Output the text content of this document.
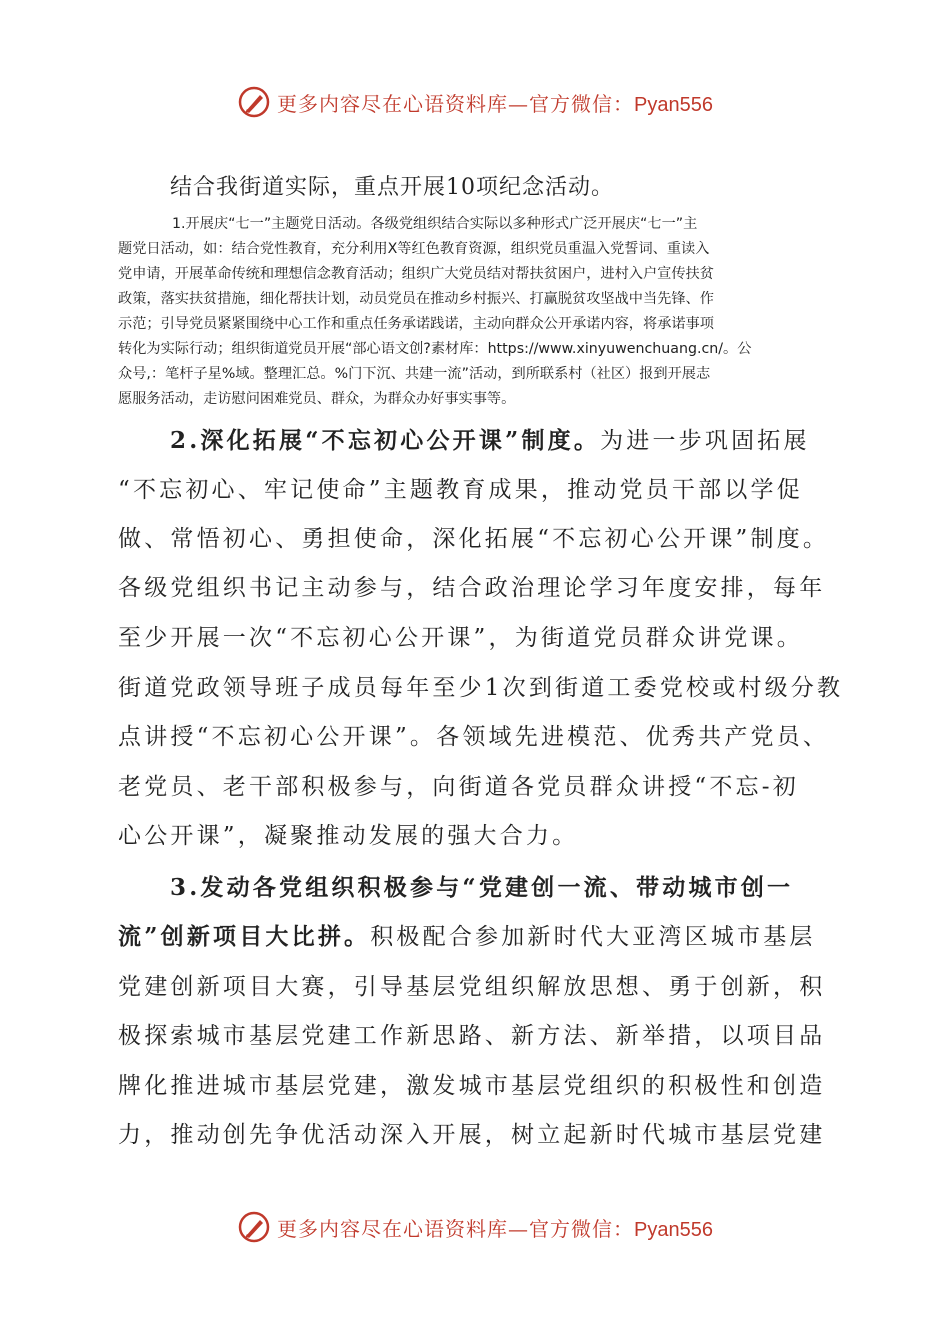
更多内容尽在心语资料库—官方微信：Pyan556
结合我街道实际，重点开展10项纪念活动。
1.开展庆“七一”主题党日活动。各级党组织结合实际以多种形式广泛开展庆“七一”主
题党日活动，如：结合党性教育，充分利用X等红色教育资源，组织党员重温入党誓词、重读入
党申请，开展革命传统和理想信念教育活动；组织广大党员结对帮扶贫困户，进村入户宣传扶贫
政策，落实扶贫措施，细化帮扶计划，动员党员在推动乡村振兴、打赢脱贫攻坚战中当先锋、作
示范；引导党员紧紧围绕中心工作和重点任务承诺践诺，主动向群众公开承诺内容，将承诺事项
转化为实际行动；组织街道党员开展“部心语文创?素材库：https://www.xinyuwenchuang.cn/。公
众号,：笔杆子星%域。整理汇总。%门下沉、共建一流”活动，到所联系村（社区）报到开展志
愿服务活动，走访慰问困难党员、群众，为群众办好事实事等。
2.深化拓展“不忘初心公开课”制度。为进一步巩固拓展
“不忘初心、牢记使命”主题教育成果，推动党员干部以学促
做、常悟初心、勇担使命，深化拓展“不忘初心公开课”制度。
各级党组织书记主动参与，结合政治理论学习年度安排，每年
至少开展一次“不忘初心公开课”，为街道党员群众讲党课。
街道党政领导班子成员每年至少1次到街道工委党校或村级分教
点讲授“不忘初心公开课”。各领域先进模范、优秀共产党员、
老党员、老干部积极参与，向街道各党员群众讲授“不忘-初
心公开课”，凝聚推动发展的强大合力。
3.发动各党组织积极参与“党建创一流、带动城市创一
流”创新项目大比拼。积极配合参加新时代大亚湾区城市基层
党建创新项目大赛，引导基层党组织解放思想、勇于创新，积
极探索城市基层党建工作新思路、新方法、新举措，以项目品
牌化推进城市基层党建，激发城市基层党组织的积极性和创造
力，推动创先争优活动深入开展，树立起新时代城市基层党建
更多内容尽在心语资料库—官方微信：Pyan556
